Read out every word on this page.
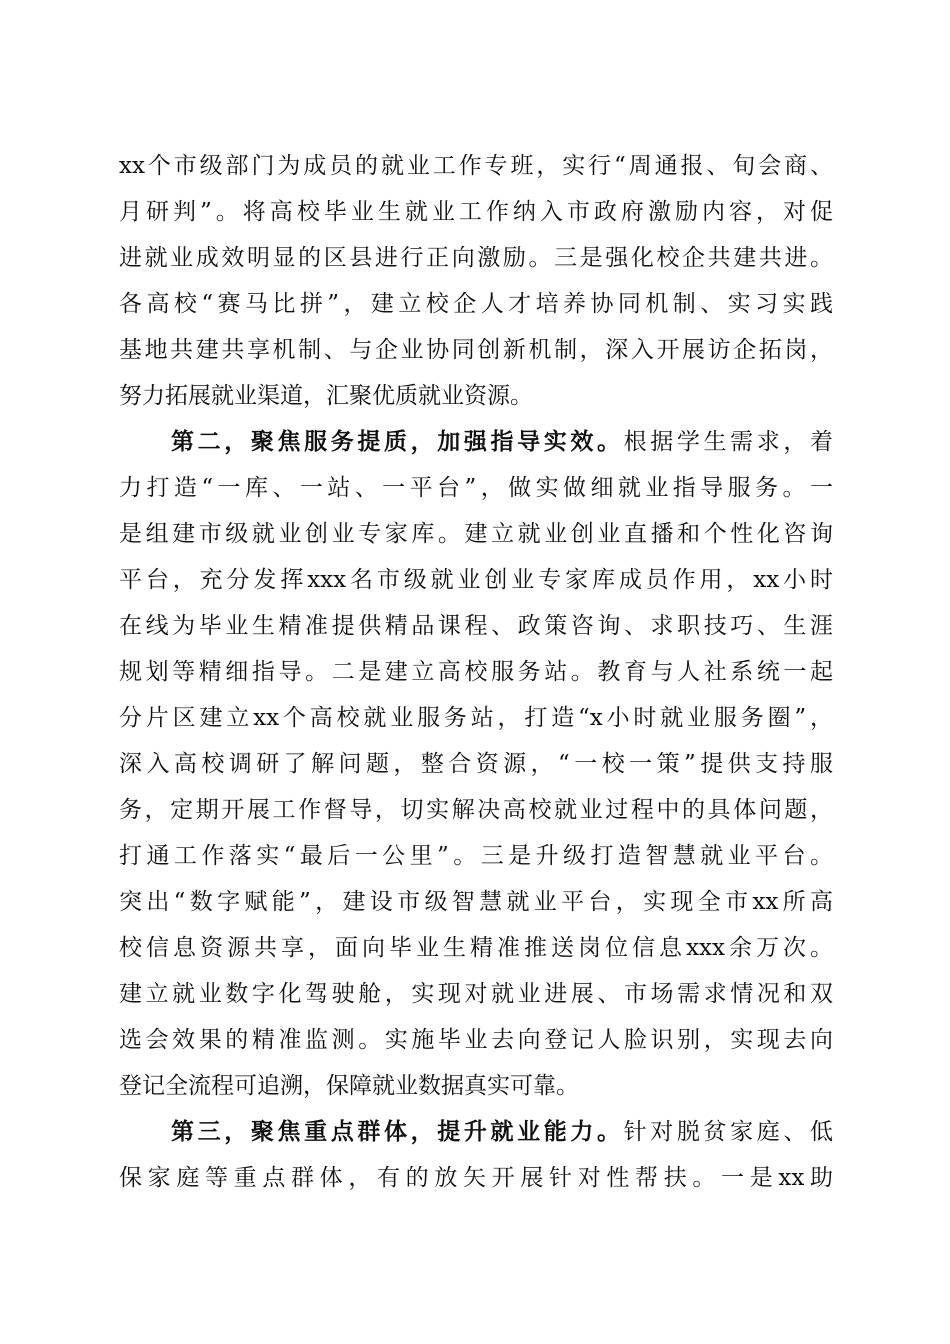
xx个市级部门为成员的就业工作专班，实行“周通报、旬会商、
月研判”。将高校毕业生就业工作纳入市政府激励内容，对促
进就业成效明显的区县进行正向激励。三是强化校企共建共进。
各高校“赛马比拼”，建立校企人才培养协同机制、实习实践
基地共建共享机制、与企业协同创新机制，深入开展访企拓岗，
努力拓展就业渠道，汇聚优质就业资源。
第二，聚焦服务提质，加强指导实效。根据学生需求，着
力打造“一库、一站、一平台”，做实做细就业指导服务。一
是组建市级就业创业专家库。建立就业创业直播和个性化咨询
平台，充分发挥xxx名市级就业创业专家库成员作用，xx小时
在线为毕业生精准提供精品课程、政策咨询、求职技巧、生涯
规划等精细指导。二是建立高校服务站。教育与人社系统一起
分片区建立xx个高校就业服务站，打造“x小时就业服务圈”，
深入高校调研了解问题，整合资源，“一校一策”提供支持服
务，定期开展工作督导，切实解决高校就业过程中的具体问题，
打通工作落实“最后一公里”。三是升级打造智慧就业平台。
突出“数字赋能”，建设市级智慧就业平台，实现全市xx所高
校信息资源共享，面向毕业生精准推送岗位信息xxx余万次。
建立就业数字化驾驶舱，实现对就业进展、市场需求情况和双
选会效果的精准监测。实施毕业去向登记人脸识别，实现去向
登记全流程可追溯，保障就业数据真实可靠。
第三，聚焦重点群体，提升就业能力。针对脱贫家庭、低
保家庭等重点群体，有的放矢开展针对性帮扶。一是xx助
